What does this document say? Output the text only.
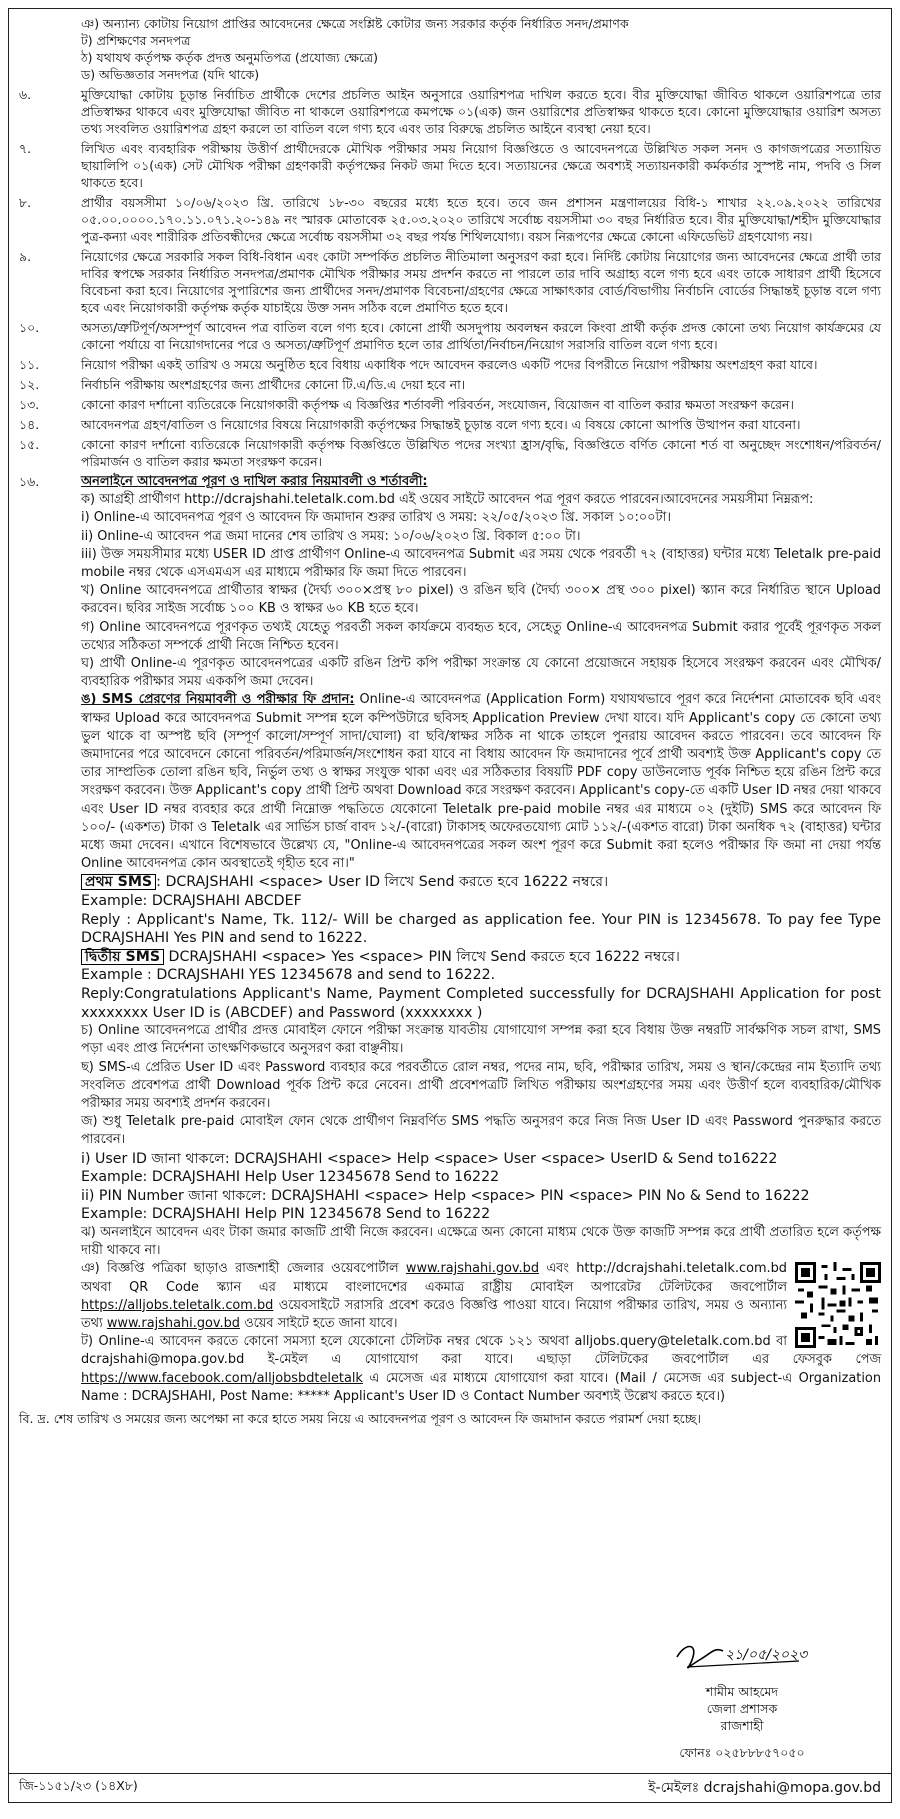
ঞ) অন্যান্য কোটায় নিয়োগ প্রাপ্তির আবেদনের ক্ষেত্রে সংশ্লিষ্ট কোটার জন্য সরকার কর্তৃক নির্ধারিত সনদ/প্রমাণক
ট) প্রশিক্ষণের সনদপত্র
ঠ) যথাযথ কর্তৃপক্ষ কর্তৃক প্রদত্ত অনুমতিপত্র (প্রযোজ্য ক্ষেত্রে)
ড) অভিজ্ঞতার সনদপত্র (যদি থাকে)
৬.	মুক্তিযোদ্ধা কোটায় চূড়ান্ত নির্বাচিত প্রার্থীকে দেশের প্রচলিত আইন অনুসারে ওয়ারিশপত্র দাখিল করতে হবে। বীর মুক্তিযোদ্ধা জীবিত থাকলে ওয়ারিশপত্রে তার প্রতিস্বাক্ষর থাকবে এবং মুক্তিযোদ্ধা জীবিত না থাকলে ওয়ারিশপত্রে কমপক্ষে ০১(এক) জন ওয়ারিশের প্রতিস্বাক্ষর থাকতে হবে। কোনো মুক্তিযোদ্ধার ওয়ারিশ অসত্য তথ্য সংবলিত ওয়ারিশপত্র গ্রহণ করলে তা বাতিল বলে গণ্য হবে এবং তার বিরুদ্ধে প্রচলিত আইনে ব্যবস্থা নেয়া হবে।
৭.	লিখিত এবং ব্যবহারিক পরীক্ষায় উত্তীর্ণ প্রার্থীদেরকে মৌখিক পরীক্ষার সময় নিয়োগ বিজ্ঞপ্তিতে ও আবেদনপত্রে উল্লিখিত সকল সনদ ও কাগজপত্রের সত্যায়িত ছায়ালিপি ০১(এক) সেট মৌখিক পরীক্ষা গ্রহণকারী কর্তৃপক্ষের নিকট জমা দিতে হবে। সত্যায়নের ক্ষেত্রে অবশ্যই সত্যায়নকারী কর্মকর্তার সুস্পষ্ট নাম, পদবি ও সিল থাকতে হবে।
৮.	প্রার্থীর বয়সসীমা ১০/০৬/২০২৩ খ্রি. তারিখে ১৮-৩০ বছরের মধ্যে হতে হবে। তবে জন প্রশাসন মন্ত্রণালয়ের বিধি-১ শাখার ২২.০৯.২০২২ তারিখের ০৫.০০.০০০০.১৭০.১১.০৭১.২০-১৪৯ নং স্মারক মোতাবেক ২৫.০৩.২০২০ তারিখে সর্বোচ্চ বয়সসীমা ৩০ বছর নির্ধারিত হবে। বীর মুক্তিযোদ্ধা/শহীদ মুক্তিযোদ্ধার পুত্র-কন্যা এবং শারীরিক প্রতিবন্ধীদের ক্ষেত্রে সর্বোচ্চ বয়সসীমা ৩২ বছর পর্যন্ত শিথিলযোগ্য। বয়স নিরূপণের ক্ষেত্রে কোনো এফিডেভিট গ্রহণযোগ্য নয়।
৯.	নিয়োগের ক্ষেত্রে সরকারি সকল বিধি-বিধান এবং কোটা সম্পর্কিত প্রচলিত নীতিমালা অনুসরণ করা হবে। নির্দিষ্ট কোটায় নিয়োগের জন্য আবেদনের ক্ষেত্রে প্রার্থী তার দাবির স্বপক্ষে সরকার নির্ধারিত সনদপত্র/প্রমাণক মৌখিক পরীক্ষার সময় প্রদর্শন করতে না পারলে তার দাবি অগ্রাহ্য বলে গণ্য হবে এবং তাকে সাধারণ প্রার্থী হিসেবে বিবেচনা করা হবে। নিয়োগের সুপারিশের জন্য প্রার্থীদের সনদ/প্রমাণক বিবেচনা/গ্রহণের ক্ষেত্রে সাক্ষাৎকার বোর্ড/বিভাগীয় নির্বাচনি বোর্ডের সিদ্ধান্তই চূড়ান্ত বলে গণ্য হবে এবং নিয়োগকারী কর্তৃপক্ষ কর্তৃক যাচাইয়ে উক্ত সনদ সঠিক বলে প্রমাণিত হতে হবে।
১০.	অসত্য/ত্রুটিপূর্ণ/অসম্পূর্ণ আবেদন পত্র বাতিল বলে গণ্য হবে। কোনো প্রার্থী অসদুপায় অবলম্বন করলে কিংবা প্রার্থী কর্তৃক প্রদত্ত কোনো তথ্য নিয়োগ কার্যক্রমের যে কোনো পর্যায়ে বা নিয়োগদানের পরে ও অসত্য/ত্রুটিপূর্ণ প্রমাণিত হলে তার প্রার্থিতা/নির্বাচন/নিয়োগ সরাসরি বাতিল বলে গণ্য হবে।
১১.	নিয়োগ পরীক্ষা একই তারিখ ও সময়ে অনুষ্ঠিত হবে বিধায় একাধিক পদে আবেদন করলেও একটি পদের বিপরীতে নিয়োগ পরীক্ষায় অংশগ্রহণ করা যাবে।
১২.	নির্বাচনি পরীক্ষায় অংশগ্রহণের জন্য প্রার্থীদের কোনো টি.এ/ডি.এ দেয়া হবে না।
১৩.	কোনো কারণ দর্শানো ব্যতিরেকে নিয়োগকারী কর্তৃপক্ষ এ বিজ্ঞপ্তির শর্তাবলী পরিবর্তন, সংযোজন, বিয়োজন বা বাতিল করার ক্ষমতা সংরক্ষণ করেন।
১৪.	আবেদনপত্র গ্রহণ/বাতিল ও নিয়োগের বিষয়ে নিয়োগকারী কর্তৃপক্ষের সিদ্ধান্তই চূড়ান্ত বলে গণ্য হবে। এ বিষয়ে কোনো আপত্তি উত্থাপন করা যাবেনা।
১৫.	কোনো কারণ দর্শানো ব্যতিরেকে নিয়োগকারী কর্তৃপক্ষ বিজ্ঞপ্তিতে উল্লিখিত পদের সংখ্যা হ্রাস/বৃদ্ধি, বিজ্ঞপ্তিতে বর্ণিত কোনো শর্ত বা অনুচ্ছেদ সংশোধন/পরিবর্তন/পরিমার্জন ও বাতিল করার ক্ষমতা সংরক্ষণ করেন।
১৬.	অনলাইনে আবেদনপত্র পূরণ ও দাখিল করার নিয়মাবলী ও শর্তাবলী:
ক) আগ্রহী প্রার্থীগণ http://dcrajshahi.teletalk.com.bd এই ওয়েব সাইটে আবেদন পত্র পূরণ করতে পারবেন।আবেদনের সময়সীমা নিম্নরূপ:
i) Online-এ আবেদনপত্র পূরণ ও আবেদন ফি জমাদান শুরুর তারিখ ও সময়: ২২/০৫/২০২৩ খ্রি. সকাল ১০:০০টা।
ii) Online-এ আবেদন পত্র জমা দানের শেষ তারিখ ও সময়: ১০/০৬/২০২৩ খ্রি. বিকাল ৫:০০ টা।
iii) উক্ত সময়সীমার মধ্যে USER ID প্রাপ্ত প্রার্থীগণ Online-এ আবেদনপত্র Submit এর সময় থেকে পরবর্তী ৭২ (বাহাত্তর) ঘন্টার মধ্যে Teletalk pre-paid mobile নম্বর থেকে এসএমএস এর মাধ্যমে পরীক্ষার ফি জমা দিতে পারবেন।
খ) Online আবেদনপত্রে প্রার্থীতার স্বাক্ষর (দৈর্ঘ্য ৩০০×প্রস্থ ৮০ pixel) ও রঙিন ছবি (দৈর্ঘ্য ৩০০× প্রস্থ ৩০০ pixel) স্ক্যান করে নির্ধারিত স্থানে Upload করবেন। ছবির সাইজ সর্বোচ্চ ১০০ KB ও স্বাক্ষর ৬০ KB হতে হবে।
গ) Online আবেদনপত্রে পূরণকৃত তথ্যই যেহেতু পরবর্তী সকল কার্যক্রমে ব্যবহৃত হবে, সেহেতু Online-এ আবেদনপত্র Submit করার পূর্বেই পূরণকৃত সকল তথ্যের সঠিকতা সম্পর্কে প্রার্থী নিজে নিশ্চিত হবেন।
ঘ) প্রার্থী Online-এ পূরণকৃত আবেদনপত্রের একটি রঙিন প্রিন্ট কপি পরীক্ষা সংক্রান্ত যে কোনো প্রয়োজনে সহায়ক হিসেবে সংরক্ষণ করবেন এবং মৌখিক/ব্যবহারিক পরীক্ষার সময় এককপি জমা দেবেন।
ঙ) SMS প্রেরণের নিয়মাবলী ও পরীক্ষার ফি প্রদান: Online-এ আবেদনপত্র (Application Form) যথাযথভাবে পূরণ করে নির্দেশনা মোতাবেক ছবি এবং স্বাক্ষর Upload করে আবেদনপত্র Submit সম্পন্ন হলে কম্পিউটারে ছবিসহ Application Preview দেখা যাবে। যদি Applicant's copy তে কোনো তথ্য ভুল থাকে বা অস্পষ্ট ছবি (সম্পূর্ণ কালো/সম্পূর্ণ সাদা/ঘোলা) বা ছবি/স্বাক্ষর সঠিক না থাকে তাহলে পুনরায় আবেদন করতে পারবেন। তবে আবেদন ফি জমাদানের পরে আবেদনে কোনো পরিবর্তন/পরিমার্জন/সংশোধন করা যাবে না বিধায় আবেদন ফি জমাদানের পূর্বে প্রার্থী অবশ্যই উক্ত Applicant's copy তে তার সাম্প্রতিক তোলা রঙিন ছবি, নির্ভুল তথ্য ও স্বাক্ষর সংযুক্ত থাকা এবং এর সঠিকতার বিষয়টি PDF copy ডাউনলোড পূর্বক নিশ্চিত হয়ে রঙিন প্রিন্ট করে সংরক্ষণ করবেন। উক্ত Applicant's copy প্রার্থী প্রিন্ট অথবা Download করে সংরক্ষণ করবেন। Applicant's copy-তে একটি User ID নম্বর দেয়া থাকবে এবং User ID নম্বর ব্যবহার করে প্রার্থী নিম্নোক্ত পদ্ধতিতে যেকোনো Teletalk pre-paid mobile নম্বর এর মাধ্যমে ০২ (দুইটি) SMS করে আবেদন ফি ১০০/- (একশত) টাকা ও Teletalk এর সার্ভিস চার্জ বাবদ ১২/-(বারো) টাকাসহ অফেরতযোগ্য মোট ১১২/-(একশত বারো) টাকা অনধিক ৭২ (বাহাত্তর) ঘন্টার মধ্যে জমা দেবেন। এখানে বিশেষভাবে উল্লেখ্য যে, "Online-এ আবেদনপত্রের সকল অংশ পূরণ করে Submit করা হলেও পরীক্ষার ফি জমা না দেয়া পর্যন্ত Online আবেদনপত্র কোন অবস্থাতেই গৃহীত হবে না।"
প্রথম SMS : DCRAJSHAHI <space> User ID লিখে Send করতে হবে 16222 নম্বরে।
Example: DCRAJSHAHI ABCDEF
Reply : Applicant's Name, Tk. 112/- Will be charged as application fee. Your PIN is 12345678. To pay fee Type DCRAJSHAHI Yes PIN and send to 16222.
দ্বিতীয় SMS DCRAJSHAHI <space> Yes <space> PIN লিখে Send করতে হবে 16222 নম্বরে।
Example : DCRAJSHAHI YES 12345678 and send to 16222.
Reply:Congratulations Applicant's Name, Payment Completed successfully for DCRAJSHAHI Application for post xxxxxxxx User ID is (ABCDEF) and Password (xxxxxxxx )
চ) Online আবেদনপত্রে প্রার্থীর প্রদত্ত মোবাইল ফোনে পরীক্ষা সংক্রান্ত যাবতীয় যোগাযোগ সম্পন্ন করা হবে বিধায় উক্ত নম্বরটি সার্বক্ষণিক সচল রাখা, SMS পড়া এবং প্রাপ্ত নির্দেশনা তাৎক্ষণিকভাবে অনুসরণ করা বাঞ্ছনীয়।
ছ) SMS-এ প্রেরিত User ID এবং Password ব্যবহার করে পরবর্তীতে রোল নম্বর, পদের নাম, ছবি, পরীক্ষার তারিখ, সময় ও স্থান/কেন্দ্রের নাম ইত্যাদি তথ্য সংবলিত প্রবেশপত্র প্রার্থী Download পূর্বক প্রিন্ট করে নেবেন। প্রার্থী প্রবেশপত্রটি লিখিত পরীক্ষায় অংশগ্রহণের সময় এবং উত্তীর্ণ হলে ব্যবহারিক/মৌখিক পরীক্ষার সময় অবশ্যই প্রদর্শন করবেন।
জ) শুধু Teletalk pre-paid মোবাইল ফোন থেকে প্রার্থীগণ নিম্নবর্ণিত SMS পদ্ধতি অনুসরণ করে নিজ নিজ User ID এবং Password পুনরুদ্ধার করতে পারবেন।
i) User ID জানা থাকলে: DCRAJSHAHI <space> Help <space> User <space> UserID & Send to16222
Example: DCRAJSHAHI Help User 12345678 Send to 16222
ii) PIN Number জানা থাকলে: DCRAJSHAHI <space> Help <space> PIN <space> PIN No & Send to 16222
Example: DCRAJSHAHI Help PIN 12345678 Send to 16222
ঝ) অনলাইনে আবেদন এবং টাকা জমার কাজটি প্রার্থী নিজে করবেন। এক্ষেত্রে অন্য কোনো মাধ্যম থেকে উক্ত কাজটি সম্পন্ন করে প্রার্থী প্রতারিত হলে কর্তৃপক্ষ দায়ী থাকবে না।
ঞ) বিজ্ঞপ্তি পত্রিকা ছাড়াও রাজশাহী জেলার ওয়েবপোর্টাল www.rajshahi.gov.bd এবং http://dcrajshahi.teletalk.com.bd অথবা QR Code স্ক্যান এর মাধ্যমে বাংলাদেশের একমাত্র রাষ্ট্রীয় মোবাইল অপারেটর টেলিটকের জবপোর্টাল https://alljobs.teletalk.com.bd ওয়েবসাইটে সরাসরি প্রবেশ করেও বিজ্ঞপ্তি পাওয়া যাবে। নিয়োগ পরীক্ষার তারিখ, সময় ও অন্যান্য তথ্য www.rajshahi.gov.bd ওয়েব সাইটে হতে জানা যাবে।
ট) Online-এ আবেদন করতে কোনো সমস্যা হলে যেকোনো টেলিটক নম্বর থেকে ১২১ অথবা alljobs.query@teletalk.com.bd বা dcrajshahi@mopa.gov.bd ই-মেইল এ যোগাযোগ করা যাবে। এছাড়া টেলিটকের জবপোর্টাল এর ফেসবুক পেজ https://www.facebook.com/alljobsbdteletalk এ মেসেজ এর মাধ্যমে যোগাযোগ করা যাবে। (Mail / মেসেজ এর subject-এ Organization Name : DCRAJSHAHI, Post Name: ***** Applicant's User ID ও Contact Number অবশ্যই উল্লেখ করতে হবে।)
বি. দ্র. শেষ তারিখ ও সময়ের জন্য অপেক্ষা না করে হাতে সময় নিয়ে এ আবেদনপত্র পূরণ ও আবেদন ফি জমাদান করতে পরামর্শ দেয়া হচ্ছে।
২১/০৫/২০২৩
শামীম আহমেদ
জেলা প্রশাসক
রাজশাহী
ফোনঃ ০২৫৮৮৮৫৭০৫০
জি-১১৫১/২৩ (১৪X৮)	ই-মেইলঃ dcrajshahi@mopa.gov.bd
